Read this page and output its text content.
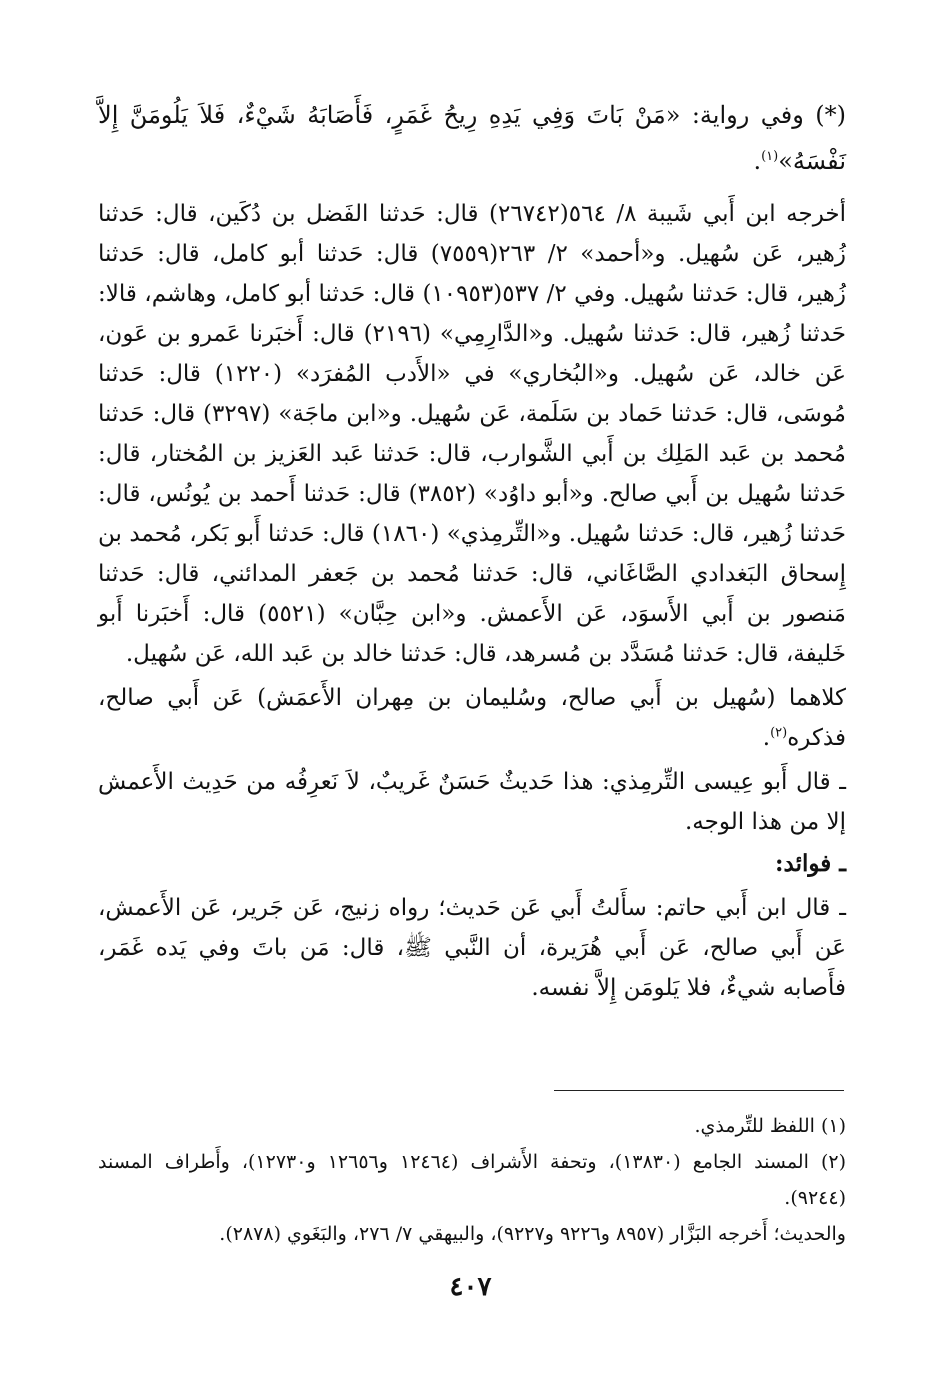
(*) وفي رواية: «مَنْ بَاتَ وَفِي يَدِهِ رِيحُ غَمَرٍ، فَأَصَابَهُ شَيْءٌ، فَلاَ يَلُومَنَّ إِلاَّ نَفْسَهُ»$^{(١)}$.

أخرجه ابن أَبي شَيبة ٨/ ٥٦٤(٢٦٧٤٢) قال: حَدثنا الفَضل بن دُكَين، قال: حَدثنا زُهير، عَن سُهيل. و«أحمد» ٢/ ٢٦٣(٧٥٥٩) قال: حَدثنا أبو كامل، قال: حَدثنا زُهير، قال: حَدثنا سُهيل. وفي ٢/ ٥٣٧(١٠٩٥٣) قال: حَدثنا أبو كامل، وهاشم، قالا: حَدثنا زُهير، قال: حَدثنا سُهيل. و«الدَّارِمِي» (٢١٩٦) قال: أَخبَرنا عَمرو بن عَون، عَن خالد، عَن سُهيل. و«البُخاري» في «الأَدب المُفرَد» (١٢٢٠) قال: حَدثنا مُوسَى، قال: حَدثنا حَماد بن سَلَمة، عَن سُهيل. و«ابن ماجَة» (٣٢٩٧) قال: حَدثنا مُحمد بن عَبد المَلِك بن أَبي الشَّوارب، قال: حَدثنا عَبد العَزيز بن المُختار، قال: حَدثنا سُهيل بن أَبي صالح. و«أبو داوُد» (٣٨٥٢) قال: حَدثنا أَحمد بن يُونُس، قال: حَدثنا زُهير، قال: حَدثنا سُهيل. و«التِّرمِذي» (١٨٦٠) قال: حَدثنا أَبو بَكر، مُحمد بن إِسحاق البَغدادي الصَّاغَاني، قال: حَدثنا مُحمد بن جَعفر المدائني، قال: حَدثنا مَنصور بن أَبي الأَسوَد، عَن الأَعمش. و«ابن حِبَّان» (٥٥٢١) قال: أَخبَرنا أَبو خَليفة، قال: حَدثنا مُسَدَّد بن مُسرهد، قال: حَدثنا خالد بن عَبد الله، عَن سُهيل.

كلاهما (سُهيل بن أَبي صالح، وسُليمان بن مِهران الأَعمَش) عَن أَبي صالح، فذكره$^{(٢)}$.

ـ قال أَبو عِيسى التِّرمِذي: هذا حَديثٌ حَسَنٌ غَريبٌ، لاَ نَعرِفُه من حَدِيث الأَعمش إلا من هذا الوجه.

ـ فوائد:

ـ قال ابن أَبي حاتم: سأَلتُ أَبي عَن حَديث؛ رواه زنيج، عَن جَرير، عَن الأَعمش، عَن أَبي صالح، عَن أَبي هُرَيرة، أن النَّبي ﷺ، قال: مَن باتَ وفي يَده غَمَر، فأَصابه شيءٌ، فلا يَلومَن إِلاَّ نفسه.

(١) اللفظ للتِّرمذي.

(٢) المسند الجامع (١٣٨٣٠)، وتحفة الأَشراف (١٢٤٦٤ و١٢٦٥٦ و١٢٧٣٠)، وأَطراف المسند (٩٢٤٤).

والحديث؛ أَخرجه البَزَّار (٨٩٥٧ و٩٢٢٦ و٩٢٢٧)، والبيهقي ٧/ ٢٧٦، والبَغَوي (٢٨٧٨).

٤٠٧
